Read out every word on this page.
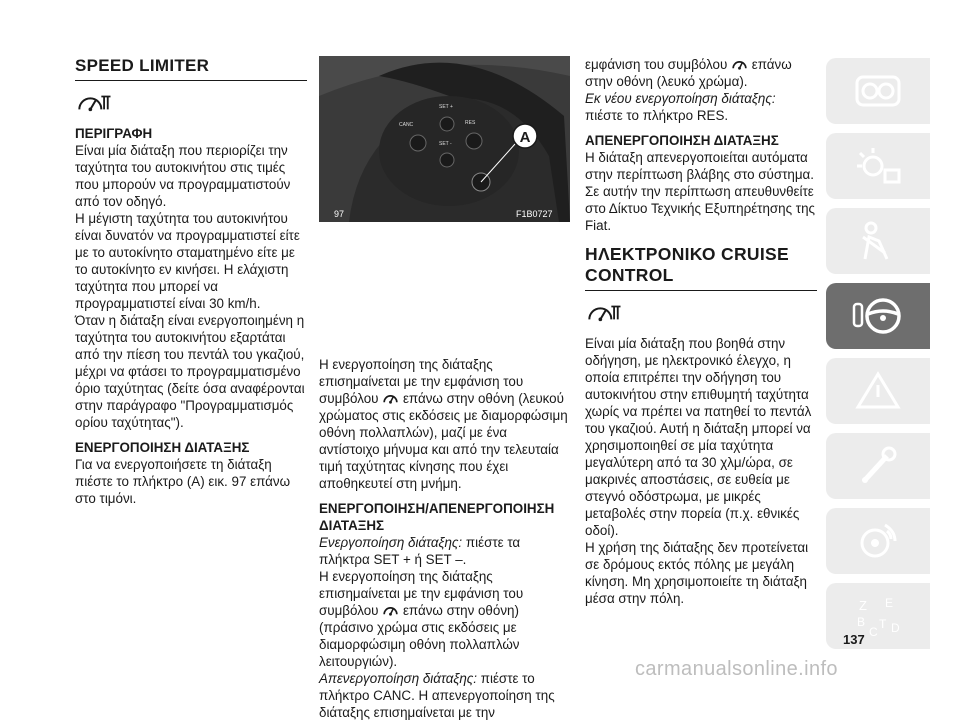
SPEED LIMITER
ΠΕΡΙΓΡΑΦΗ

Είναι μία διάταξη που περιορίζει την ταχύτητα του αυτοκινήτου στις τιμές που μπορούν να προγραμματιστούν από τον οδηγό.

Η μέγιστη ταχύτητα του αυτοκινήτου είναι δυνατόν να προγραμματιστεί είτε με το αυτοκίνητο σταματημένο είτε με το αυτοκίνητο εν κινήσει. Η ελάχιστη ταχύτητα που μπορεί να προγραμματιστεί είναι 30 km/h.

Όταν η διάταξη είναι ενεργοποιημένη η ταχύτητα του αυτοκινήτου εξαρτάται από την πίεση του πεντάλ του γκαζιού, μέχρι να φτάσει το προγραμματισμένο όριο ταχύτητας (δείτε όσα αναφέρονται στην παράγραφο "Προγραμματισμός ορίου ταχύτητας").

ΕΝΕΡΓΟΠΟΙΗΣΗ ΔΙΑΤΑΞΗΣ

Για να ενεργοποιήσετε τη διάταξη πιέστε το πλήκτρο (A) εικ. 97 επάνω στο τιμόνι.

A
SET +
CANC	RES
SET -
97	F1B0727

Η ενεργοποίηση της διάταξης επισημαίνεται με την εμφάνιση του συμβόλου επάνω στην οθόνη (λευκού χρώματος στις εκδόσεις με διαμορφώσιμη οθόνη πολλαπλών), μαζί με ένα αντίστοιχο μήνυμα και από την τελευταία τιμή ταχύτητας κίνησης που έχει αποθηκευτεί στη μνήμη.

ΕΝΕΡΓΟΠΟΙΗΣΗ/ΑΠΕΝΕΡΓΟΠΟΙΗΣΗ ΔΙΑΤΑΞΗΣ

Ενεργοποίηση διάταξης: πιέστε τα πλήκτρα SET + ή SET –.

Η ενεργοποίηση της διάταξης επισημαίνεται με την εμφάνιση του συμβόλου επάνω στην οθόνη) (πράσινο χρώμα στις εκδόσεις με διαμορφώσιμη οθόνη πολλαπλών λειτουργιών).

Απενεργοποίηση διάταξης: πιέστε το πλήκτρο CANC. Η απενεργοποίηση της διάταξης επισημαίνεται με την

εμφάνιση του συμβόλου επάνω στην οθόνη (λευκό χρώμα).

Εκ νέου ενεργοποίηση διάταξης:
πιέστε το πλήκτρο RES.

ΑΠΕΝΕΡΓΟΠΟΙΗΣΗ ΔΙΑΤΑΞΗΣ

Η διάταξη απενεργοποιείται αυτόματα στην περίπτωση βλάβης στο σύστημα. Σε αυτήν την περίπτωση απευθυνθείτε στο Δίκτυο Τεχνικής Εξυπηρέτησης της Fiat.

ΗΛΕΚΤΡΟΝΙΚΟ CRUISE CONTROL

Είναι μία διάταξη που βοηθά στην οδήγηση, με ηλεκτρονικό έλεγχο, η οποία επιτρέπει την οδήγηση του αυτοκινήτου στην επιθυμητή ταχύτητα χωρίς να πρέπει να πατηθεί το πεντάλ του γκαζιού. Αυτή η διάταξη μπορεί να χρησιμοποιηθεί σε μία ταχύτητα μεγαλύτερη από τα 30 χλμ/ώρα, σε μακρινές αποστάσεις, σε ευθεία με στεγνό οδόστρωμα, με μικρές μεταβολές στην πορεία (π.χ. εθνικές οδοί).

Η χρήση της διάταξης δεν προτείνεται σε δρόμους εκτός πόλης με μεγάλη κίνηση. Μη χρησιμοποιείτε τη διάταξη μέσα στην πόλη.	Z E
B
C
T D
137
carmanualsonline.info
